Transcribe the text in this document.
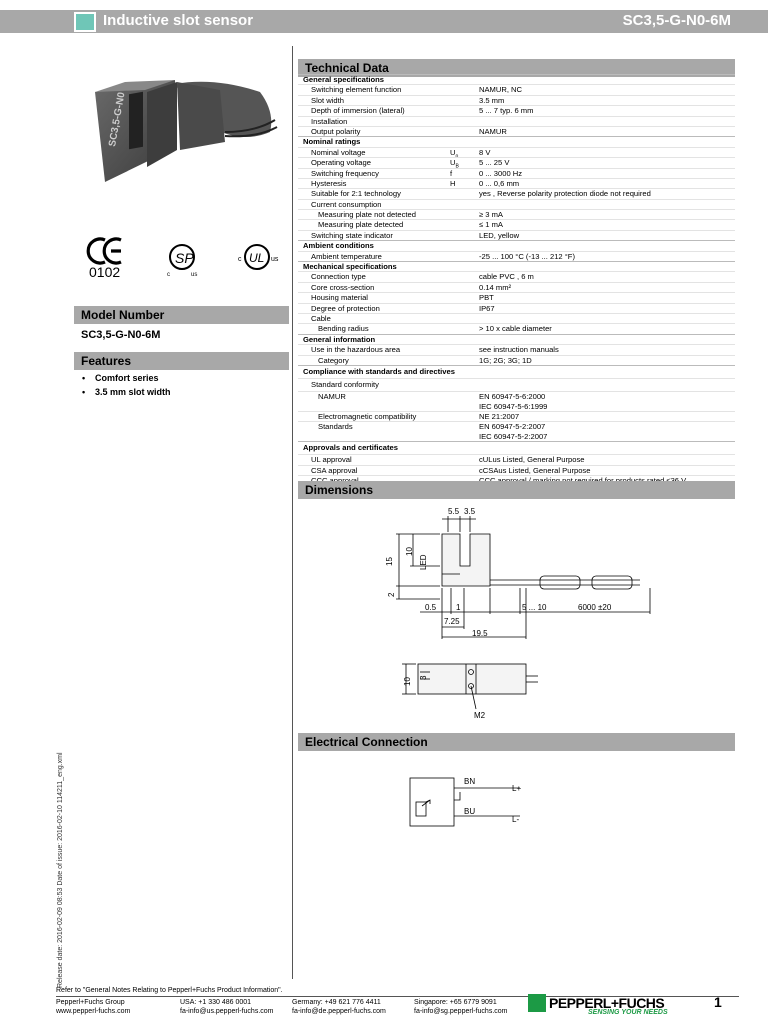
Inductive slot sensor	SC3,5-G-N0-6M
SC3,5-G-N0
0102
SP
c	us
UL
c	us
Model Number
SC3,5-G-N0-6M
Features
• Comfort series
• 3.5 mm slot width
Release date: 2016-02-09 08:53 Date of issue: 2016-02-10 114211_eng.xml
Technical Data
General specifications
Switching element function	NAMUR, NC
Slot width	3.5 mm
Depth of immersion (lateral)	5 ... 7 typ. 6 mm
Installation
Output polarity	NAMUR
Nominal ratings
Nominal voltage	$U_o$	8 V
Operating voltage	$U_B$	5 ... 25 V
Switching frequency	f	0 ... 3000 Hz
Hysteresis	H	0 ... 0,6 mm
Suitable for 2:1 technology	yes , Reverse polarity protection diode not required
Current consumption
Measuring plate not detected	≥ 3 mA
Measuring plate detected	≤ 1 mA
Switching state indicator	LED, yellow
Ambient conditions
Ambient temperature	-25 ... 100 °C (-13 ... 212 °F)
Mechanical specifications
Connection type	cable PVC , 6 m
Core cross-section	0.14 mm²
Housing material	PBT
Degree of protection	IP67
Cable
Bending radius	> 10 x cable diameter
General information
Use in the hazardous area	see instruction manuals
Category	1G; 2G; 3G; 1D
Compliance with standards and directives
Standard conformity
NAMUR	EN 60947-5-6:2000
IEC 60947-5-6:1999
Electromagnetic compatibility	NE 21:2007
Standards	EN 60947-5-2:2007
IEC 60947-5-2:2007
Approvals and certificates
UL approval	cULus Listed, General Purpose
CSA approval	cCSAus Listed, General Purpose
Dimensions
5.5 3.5
15
10
LED
2
0.5 1	5 ... 10	6000 ±20
7.25
19.5
10 3
M2
Electrical Connection
BN
BU
L+
L-
Refer to "General Notes Relating to Pepperl+Fuchs Product Information".
Pepperl+Fuchs Group
www.pepperl-fuchs.com
USA: +1 330 486 0001
fa-info@us.pepperl-fuchs.com
Germany: +49 621 776 4411
fa-info@de.pepperl-fuchs.com
Singapore: +65 6779 9091
fa-info@sg.pepperl-fuchs.com
PEPPERL+FUCHS
SENSING YOUR NEEDS
1
